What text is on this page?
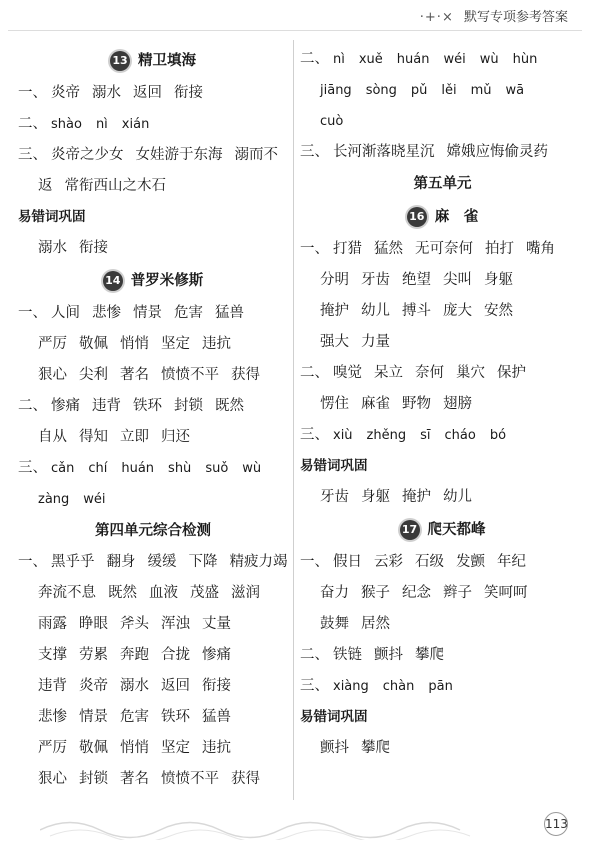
·+·× 默写专项参考答案
13 精卫填海
一、 炎帝 溺水 返回 衔接
二、 shào nì xián
三、 炎帝之少女 女娃游于东海 溺而不
返 常衔西山之木石
易错词巩固
溺水 衔接
14 普罗米修斯
一、 人间 悲惨 情景 危害 猛兽
严厉 敬佩 悄悄 坚定 违抗
狠心 尖利 著名 愤愤不平 获得
二、 惨痛 违背 铁环 封锁 既然
自从 得知 立即 归还
三、 cǎn chí huán shù suǒ wù
zàng wéi
第四单元综合检测
一、 黑乎乎 翻身 缓缓 下降 精疲力竭
奔流不息 既然 血液 茂盛 滋润
雨露 睁眼 斧头 浑浊 丈量
支撑 劳累 奔跑 合拢 惨痛
违背 炎帝 溺水 返回 衔接
悲惨 情景 危害 铁环 猛兽
严厉 敬佩 悄悄 坚定 违抗
狠心 封锁 著名 愤愤不平 获得
二、 nì xuě huán wéi wù hùn
jiāng sòng pǔ lěi mǔ wā
cuò
三、 长河渐落晓星沉 嫦娥应悔偷灵药
第五单元
16 麻　雀
一、 打猎 猛然 无可奈何 拍打 嘴角
分明 牙齿 绝望 尖叫 身躯
掩护 幼儿 搏斗 庞大 安然
强大 力量
二、 嗅觉 呆立 奈何 巢穴 保护
愣住 麻雀 野物 翅膀
三、 xiù zhěng sī cháo bó
易错词巩固
牙齿 身躯 掩护 幼儿
17 爬天都峰
一、 假日 云彩 石级 发颤 年纪
奋力 猴子 纪念 辫子 笑呵呵
鼓舞 居然
二、 铁链 颤抖 攀爬
三、 xiàng chàn pān
易错词巩固
颤抖 攀爬
113
